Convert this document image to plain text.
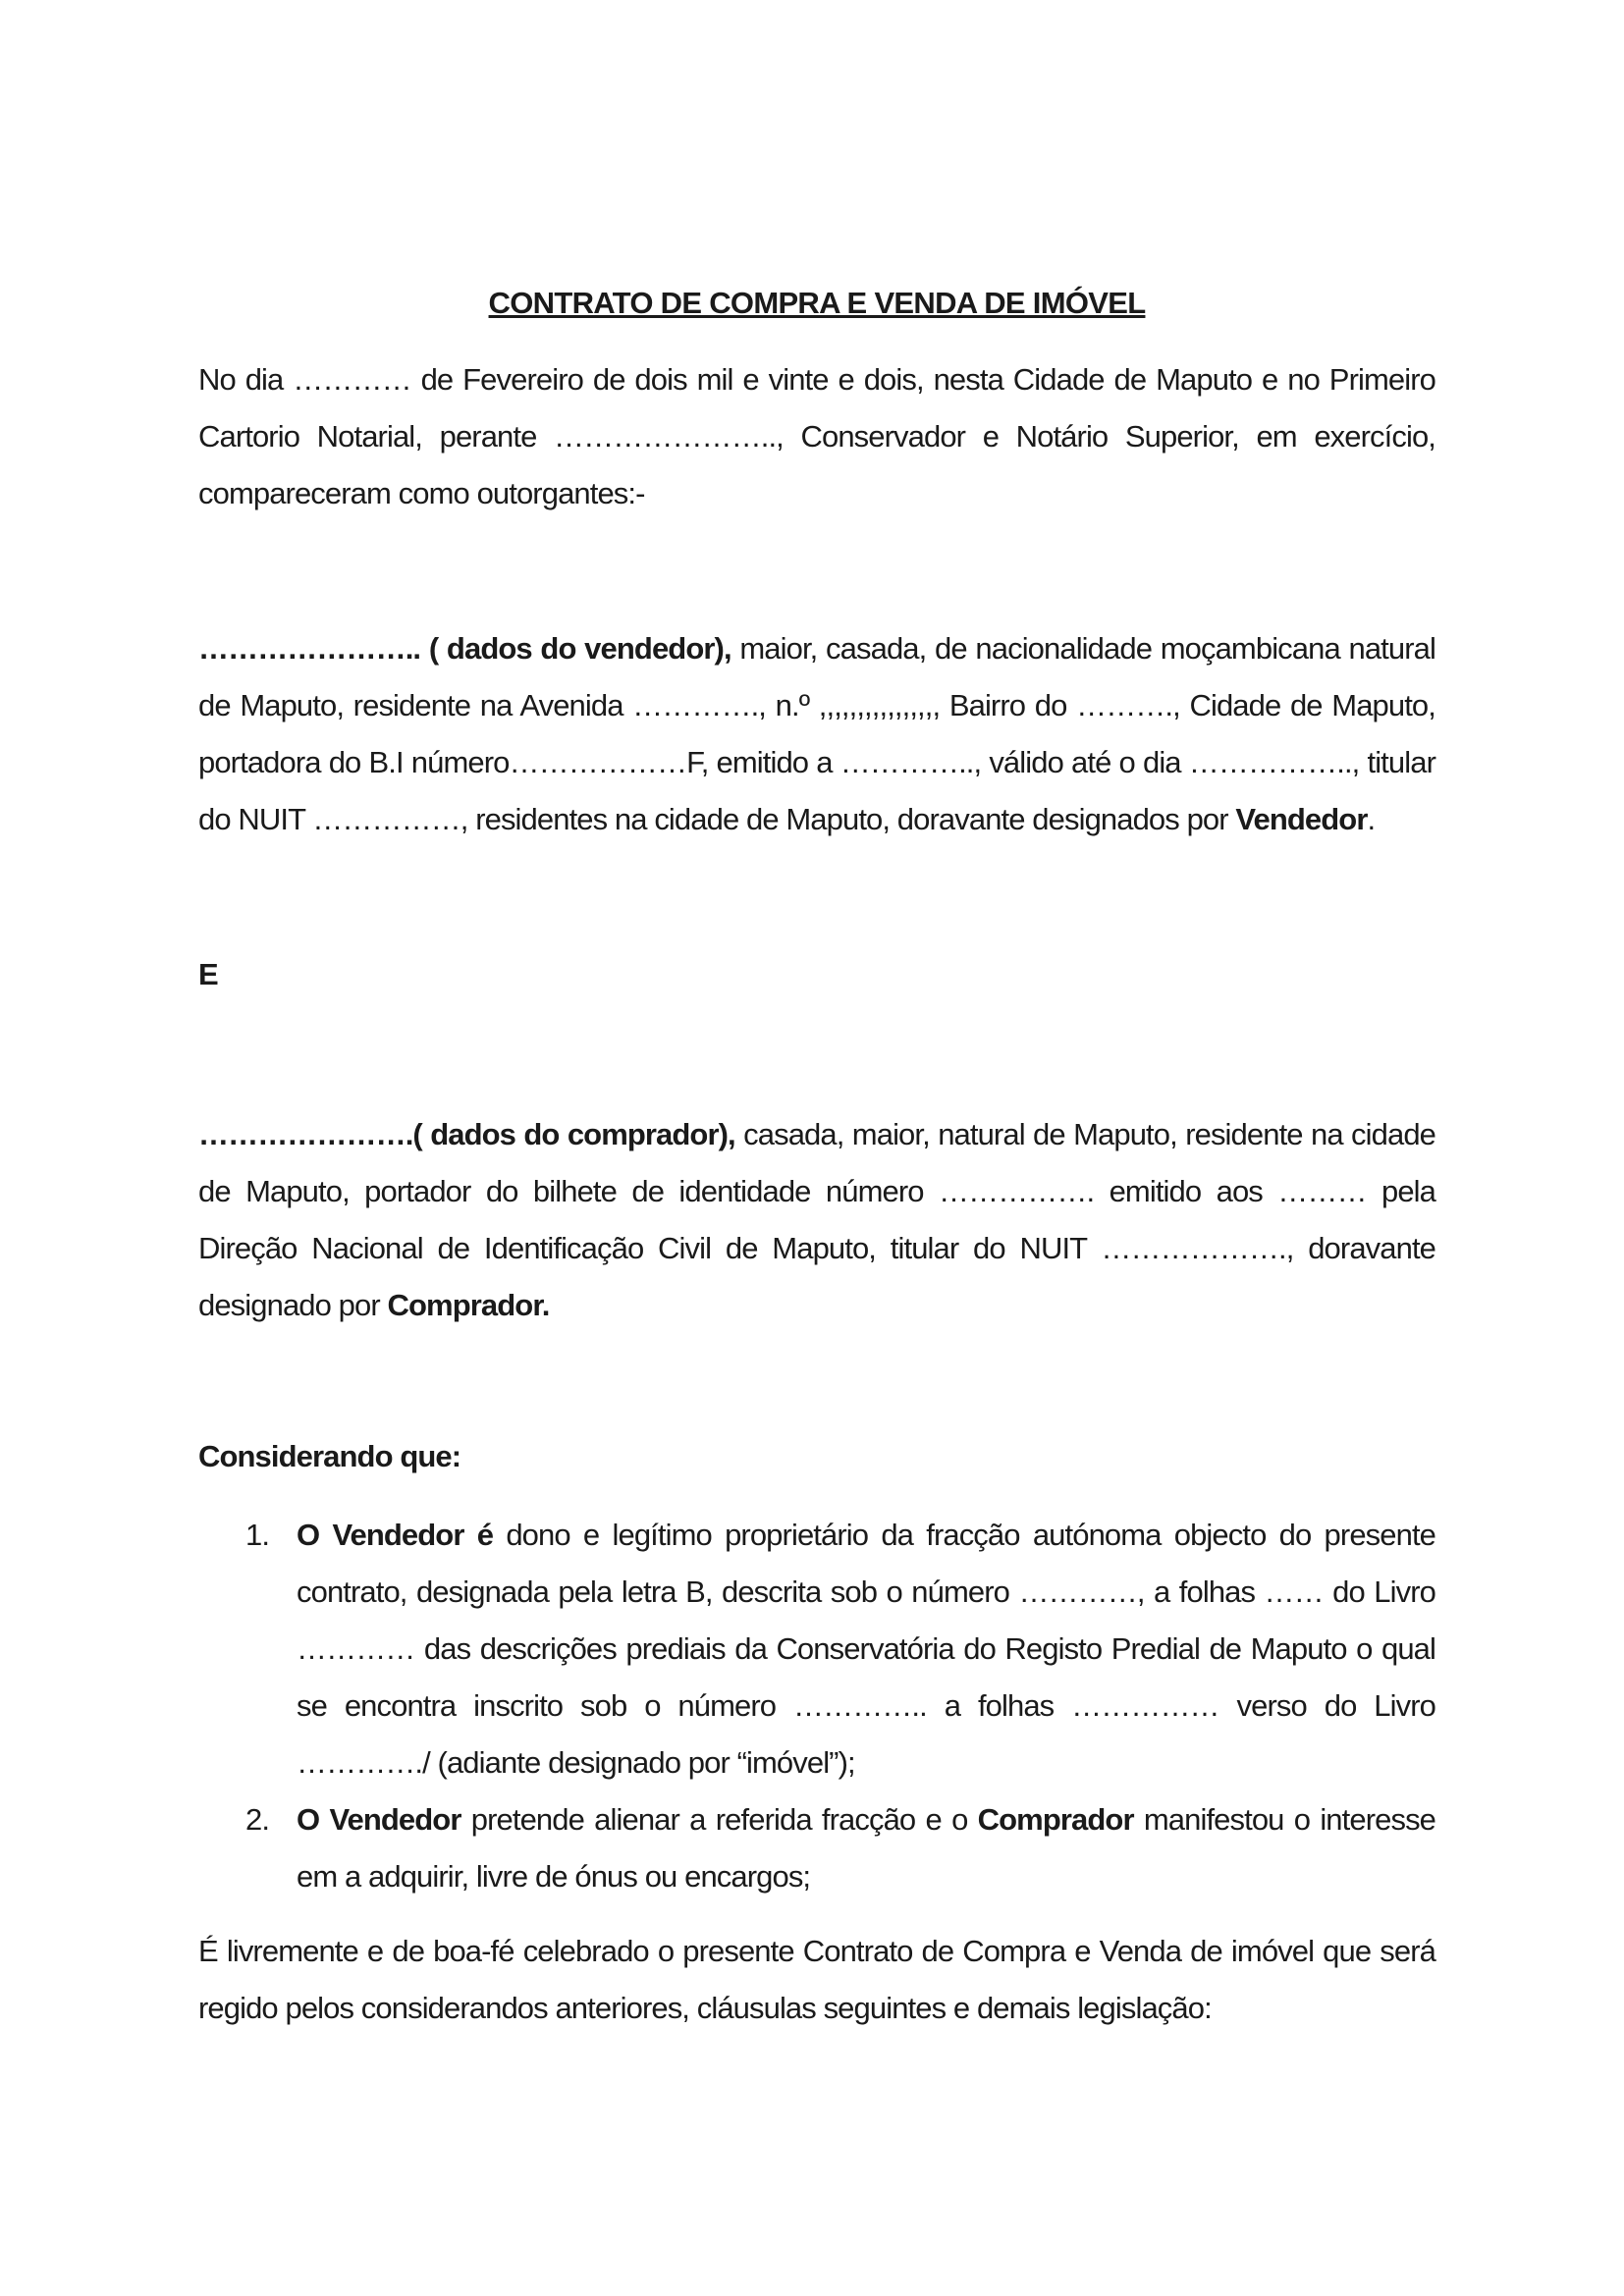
CONTRATO DE COMPRA E VENDA DE IMÓVEL

No dia ………… de Fevereiro de dois mil e vinte e dois, nesta Cidade de Maputo e no Primeiro Cartorio Notarial, perante ………………….., Conservador e Notário Superior, em exercício, compareceram como outorgantes:-

………………….. ( dados do vendedor), maior, casada, de nacionalidade moçambicana natural de Maputo, residente na Avenida …………., n.º ,,,,,,,,,,,,,,,, Bairro do ………., Cidade de Maputo, portadora do B.I número………………F, emitido a ………….., válido até o dia …………….., titular do NUIT ……………, residentes na cidade de Maputo, doravante designados por Vendedor.

E

………………….( dados do comprador), casada, maior, natural de Maputo, residente na cidade de Maputo, portador do bilhete de identidade número ……………. emitido aos ……… pela Direção Nacional de Identificação Civil de Maputo, titular do NUIT ………………., doravante designado por Comprador.

Considerando que:

1. O Vendedor é dono e legítimo proprietário da fracção autónoma objecto do presente contrato, designada pela letra B, descrita sob o número …………, a folhas …… do Livro ………… das descrições prediais da Conservatória do Registo Predial de Maputo o qual se encontra inscrito sob o número ………….. a folhas …………… verso do Livro …………./ (adiante designado por “imóvel”);
2. O Vendedor pretende alienar a referida fracção e o Comprador manifestou o interesse em a adquirir, livre de ónus ou encargos;

É livremente e de boa-fé celebrado o presente Contrato de Compra e Venda de imóvel que será regido pelos considerandos anteriores, cláusulas seguintes e demais legislação:
